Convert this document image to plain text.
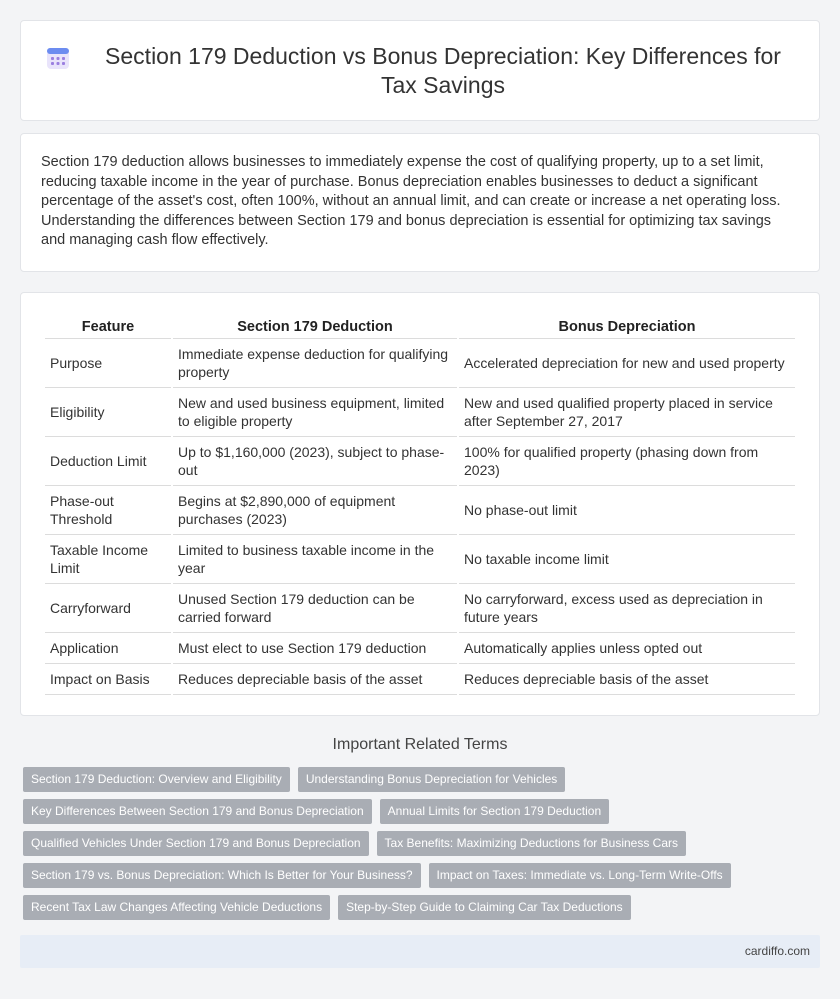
Section 179 Deduction vs Bonus Depreciation: Key Differences for Tax Savings

Section 179 deduction allows businesses to immediately expense the cost of qualifying property, up to a set limit, reducing taxable income in the year of purchase. Bonus depreciation enables businesses to deduct a significant percentage of the asset's cost, often 100%, without an annual limit, and can create or increase a net operating loss. Understanding the differences between Section 179 and bonus depreciation is essential for optimizing tax savings and managing cash flow effectively.

Feature	Section 179 Deduction	Bonus Depreciation
Purpose	Immediate expense deduction for qualifying property	Accelerated depreciation for new and used property
Eligibility	New and used business equipment, limited to eligible property	New and used qualified property placed in service after September 27, 2017
Deduction Limit	Up to $1,160,000 (2023), subject to phase-out	100% for qualified property (phasing down from 2023)
Phase-out Threshold	Begins at $2,890,000 of equipment purchases (2023)	No phase-out limit
Taxable Income Limit	Limited to business taxable income in the year	No taxable income limit
Carryforward	Unused Section 179 deduction can be carried forward	No carryforward, excess used as depreciation in future years
Application	Must elect to use Section 179 deduction	Automatically applies unless opted out
Impact on Basis	Reduces depreciable basis of the asset	Reduces depreciable basis of the asset
Important Related Terms
Section 179 Deduction: Overview and Eligibility	Understanding Bonus Depreciation for Vehicles
Key Differences Between Section 179 and Bonus Depreciation	Annual Limits for Section 179 Deduction
Qualified Vehicles Under Section 179 and Bonus Depreciation	Tax Benefits: Maximizing Deductions for Business Cars
Section 179 vs. Bonus Depreciation: Which Is Better for Your Business?	Impact on Taxes: Immediate vs. Long-Term Write-Offs
Recent Tax Law Changes Affecting Vehicle Deductions	Step-by-Step Guide to Claiming Car Tax Deductions
cardiffo.com
